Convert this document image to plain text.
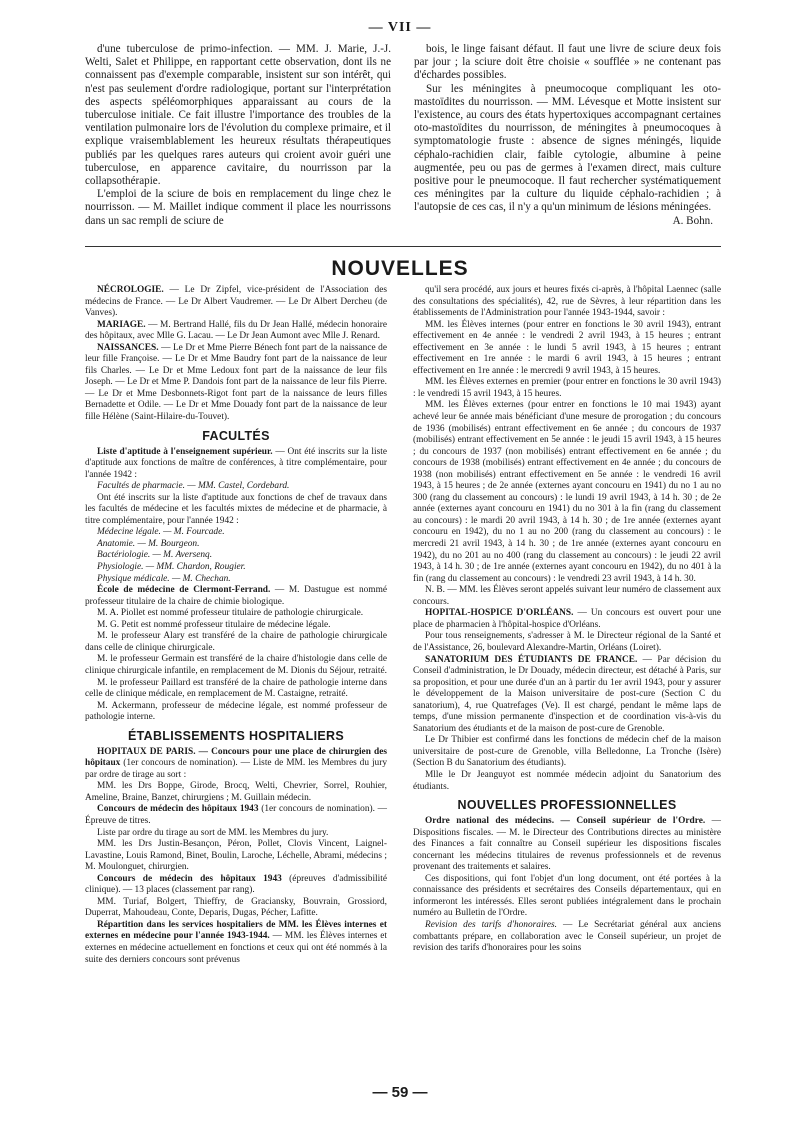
— VII —

d'une tuberculose de primo-infection. — MM. J. Marie, J.-J. Welti, Salet et Philippe, en rapportant cette observation, dont ils ne connaissent pas d'exemple comparable, insistent sur son intérêt, qui n'est pas seulement d'ordre radiologique, portant sur l'interprétation des aspects spéléomorphiques apparaissant au cours de la tuberculose initiale. Ce fait illustre l'importance des troubles de la ventilation pulmonaire lors de l'évolution du complexe primaire, et il explique vraisemblablement les heureux résultats thérapeutiques publiés par les quelques rares auteurs qui croient avoir guéri une tuberculose, en apparence cavitaire, du nourrisson par la collapsothérapie.

L'emploi de la sciure de bois en remplacement du linge chez le nourrisson. — M. Maillet indique comment il place les nourrissons dans un sac rempli de sciure de

bois, le linge faisant défaut. Il faut une livre de sciure deux fois par jour ; la sciure doit être choisie « soufflée » ne contenant pas d'échardes possibles.

Sur les méningites à pneumocoque compliquant les oto-mastoïdites du nourrisson. — MM. Lévesque et Motte insistent sur l'existence, au cours des états hypertoxiques accompagnant certaines oto-mastoïdites du nourrisson, de méningites à pneumocoques à symptomatologie fruste : absence de signes méningés, liquide céphalo-rachidien clair, faible cytologie, albumine à peine augmentée, peu ou pas de germes à l'examen direct, mais culture positive pour le pneumocoque. Il faut rechercher systématiquement ces méningites par la culture du liquide céphalo-rachidien ; à l'autopsie de ces cas, il n'y a qu'un minimum de lésions méningées.

A. Bohn.

NOUVELLES

NÉCROLOGIE. — Le Dr Zipfel, vice-président de l'Association des médecins de France. — Le Dr Albert Vaudremer. — Le Dr Albert Dercheu (de Vanves).

MARIAGE. — M. Bertrand Hallé, fils du Dr Jean Hallé, médecin honoraire des hôpitaux, avec Mlle G. Lacau. — Le Dr Jean Aumont avec Mlle J. Renard.

NAISSANCES. — Le Dr et Mme Pierre Bénech font part de la naissance de leur fille Françoise. — Le Dr et Mme Baudry font part de la naissance de leur fils Charles. — Le Dr et Mme Ledoux font part de la naissance de leur fils Joseph. — Le Dr et Mme P. Dandois font part de la naissance de leur fils Pierre. — Le Dr et Mme Desbonnets-Rigot font part de la naissance de leurs filles Bernadette et Odile. — Le Dr et Mme Douady font part de la naissance de leur fille Hélène (Saint-Hilaire-du-Touvet).

FACULTÉS

Liste d'aptitude à l'enseignement supérieur. — Ont été inscrits sur la liste d'aptitude aux fonctions de maître de conférences, à titre complémentaire, pour l'année 1942 :

Facultés de pharmacie. — MM. Castel, Cordebard.

Ont été inscrits sur la liste d'aptitude aux fonctions de chef de travaux dans les facultés de médecine et les facultés mixtes de médecine et de pharmacie, à titre complémentaire, pour l'année 1942 :

Médecine légale. — M. Fourcade.

Anatomie. — M. Bourgeon.

Bactériologie. — M. Aversenq.

Physiologie. — MM. Chardon, Rougier.

Physique médicale. — M. Chechan.

École de médecine de Clermont-Ferrand. — M. Dastugue est nommé professeur titulaire de la chaire de chimie biologique.

M. A. Piollet est nommé professeur titulaire de pathologie chirurgicale.

M. G. Petit est nommé professeur titulaire de médecine légale.

M. le professeur Alary est transféré de la chaire de pathologie chirurgicale dans celle de clinique chirurgicale.

M. le professeur Germain est transféré de la chaire d'histologie dans celle de clinique chirurgicale infantile, en remplacement de M. Dionis du Séjour, retraité.

M. le professeur Paillard est transféré de la chaire de pathologie interne dans celle de clinique médicale, en remplacement de M. Castaigne, retraité.

M. Ackermann, professeur de médecine légale, est nommé professeur de pathologie interne.

ÉTABLISSEMENTS HOSPITALIERS

HOPITAUX DE PARIS. — Concours pour une place de chirurgien des hôpitaux (1er concours de nomination). — Liste de MM. les Membres du jury par ordre de tirage au sort :

MM. les Drs Boppe, Girode, Brocq, Welti, Chevrier, Sorrel, Rouhier, Ameline, Braine, Banzet, chirurgiens ; M. Guillain médecin.

Concours de médecin des hôpitaux 1943 (1er concours de nomination). — Épreuve de titres.

Liste par ordre du tirage au sort de MM. les Membres du jury.

MM. les Drs Justin-Besançon, Péron, Pollet, Clovis Vincent, Laignel-Lavastine, Louis Ramond, Binet, Boulin, Laroche, Léchelle, Abrami, médecins ; M. Moulonguet, chirurgien.

Concours de médecin des hôpitaux 1943 (épreuves d'admissibilité clinique). — 13 places (classement par rang).

MM. Turiaf, Bolgert, Thieffry, de Graciansky, Bouvrain, Grossiord, Duperrat, Mahoudeau, Conte, Deparis, Dugas, Pécher, Lafitte.

Répartition dans les services hospitaliers de MM. les Élèves internes et externes en médecine pour l'année 1943-1944. — MM. les Élèves internes et externes en médecine actuellement en fonctions et ceux qui ont été nommés à la suite des derniers concours sont prévenus

qu'il sera procédé, aux jours et heures fixés ci-après, à l'hôpital Laennec (salle des consultations des spécialités), 42, rue de Sèvres, à leur répartition dans les établissements de l'Administration pour l'année 1943-1944, savoir :

MM. les Élèves internes (pour entrer en fonctions le 30 avril 1943), entrant effectivement en 4e année : le vendredi 2 avril 1943, à 15 heures ; entrant effectivement en 3e année : le lundi 5 avril 1943, à 15 heures ; entrant effectivement en 1re année : le mardi 6 avril 1943, à 15 heures ; entrant effectivement en 1re année : le mercredi 9 avril 1943, à 15 heures.

MM. les Élèves externes en premier (pour entrer en fonctions le 30 avril 1943) : le vendredi 15 avril 1943, à 15 heures.

MM. les Élèves externes (pour entrer en fonctions le 10 mai 1943) ayant achevé leur 6e année mais bénéficiant d'une mesure de prorogation ; du concours de 1936 (mobilisés) entrant effectivement en 6e année ; du concours de 1937 (mobilisés) entrant effectivement en 5e année : le jeudi 15 avril 1943, à 15 heures ; du concours de 1937 (non mobilisés) entrant effectivement en 6e année ; du concours de 1938 (mobilisés) entrant effectivement en 4e année ; du concours de 1938 (non mobilisés) entrant effectivement en 5e année : le vendredi 16 avril 1943, à 15 heures ; de 2e année (externes ayant concouru en 1941) du no 1 au no 300 (rang du classement au concours) : le lundi 19 avril 1943, à 14 h. 30 ; de 2e année (externes ayant concouru en 1941) du no 301 à la fin (rang du classement au concours) : le mardi 20 avril 1943, à 14 h. 30 ; de 1re année (externes ayant concouru en 1942), du no 1 au no 200 (rang du classement au concours) : le mercredi 21 avril 1943, à 14 h. 30 ; de 1re année (externes ayant concouru en 1942), du no 201 au no 400 (rang du classement au concours) : le jeudi 22 avril 1943, à 14 h. 30 ; de 1re année (externes ayant concouru en 1942), du no 401 à la fin (rang du classement au concours) : le vendredi 23 avril 1943, à 14 h. 30.

N. B. — MM. les Élèves seront appelés suivant leur numéro de classement aux concours.

HOPITAL-HOSPICE D'ORLÉANS. — Un concours est ouvert pour une place de pharmacien à l'hôpital-hospice d'Orléans.

Pour tous renseignements, s'adresser à M. le Directeur régional de la Santé et de l'Assistance, 26, boulevard Alexandre-Martin, Orléans (Loiret).

SANATORIUM DES ÉTUDIANTS DE FRANCE. — Par décision du Conseil d'administration, le Dr Douady, médecin directeur, est détaché à Paris, sur sa proposition, et pour une durée d'un an à partir du 1er avril 1943, pour y assurer le développement de la Maison universitaire de post-cure (Section C du sanatorium), 4, rue Quatrefages (Ve). Il est chargé, pendant le même laps de temps, d'une mission permanente d'inspection et de coordination vis-à-vis du Sanatorium des étudiants et de la maison de post-cure de Grenoble.

Le Dr Thibier est confirmé dans les fonctions de médecin chef de la maison universitaire de post-cure de Grenoble, villa Belledonne, La Tronche (Isère) (Section B du Sanatorium des étudiants).

Mlle le Dr Jeanguyot est nommée médecin adjoint du Sanatorium des étudiants.

NOUVELLES PROFESSIONNELLES

Ordre national des médecins. — Conseil supérieur de l'Ordre. — Dispositions fiscales. — M. le Directeur des Contributions directes au ministère des Finances a fait connaître au Conseil supérieur les dispositions fiscales concernant les médecins titulaires de revenus professionnels et de revenus provenant des traitements et salaires.

Ces dispositions, qui font l'objet d'un long document, ont été portées à la connaissance des présidents et secrétaires des Conseils départementaux, qui en informeront les intéressés. Elles seront publiées intégralement dans le prochain numéro au Bulletin de l'Ordre.

Revision des tarifs d'honoraires. — Le Secrétariat général aux anciens combattants prépare, en collaboration avec le Conseil supérieur, un projet de revision des tarifs d'honoraires pour les soins

— 59 —
